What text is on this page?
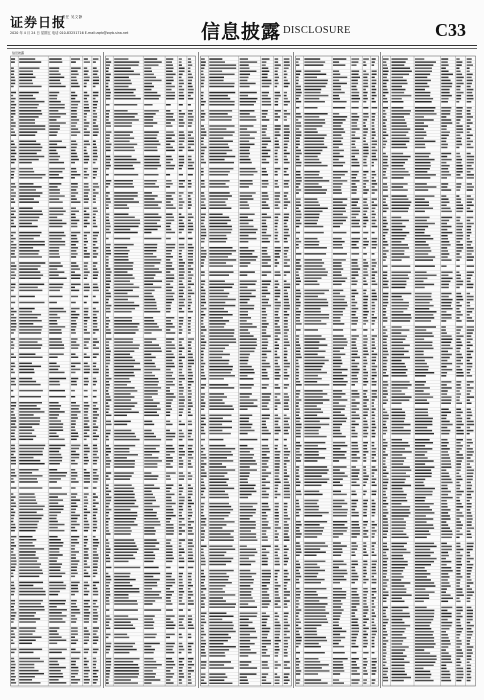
证券日报
责任 吴文静
2020 年 4 月 24 日 星期五 电话 010-83251716 E-mail:zqrb@zqrb.sina.net	信息披露 DISCLOSURE	C33
信息披露
